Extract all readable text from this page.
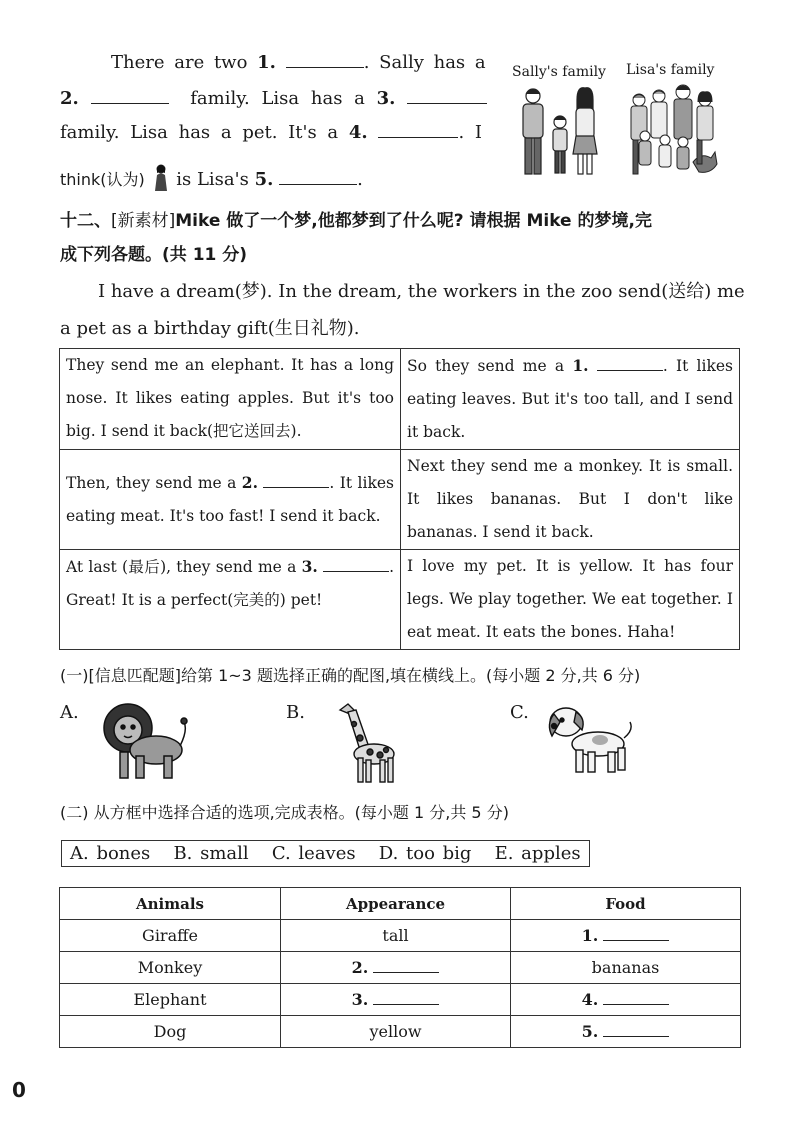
There are two 1.	. Sally has a
2.	family. Lisa has a 3.
family. Lisa has a pet. It's a 4.	. I
think(认为) is Lisa's 5.	.
Sally's family Lisa's family
十二、[新素材]Mike 做了一个梦,他都梦到了什么呢? 请根据 Mike 的梦境,完
成下列各题。(共 11 分)
I have a dream(梦). In the dream, the workers in the zoo send(送给) me
a pet as a birthday gift(生日礼物).
They send me an elephant. It has a long nose. It likes eating apples. But it's too big. I send it back(把它送回去).	So they send me a 1. . It likes eating leaves. But it's too tall, and I send it back.
Then, they send me a 2. . It likes eating meat. It's too fast! I send it back.	Next they send me a monkey. It is small. It likes bananas. But I don't like bananas. I send it back.
At last (最后), they send me a 3. . Great! It is a perfect(完美的) pet!	I love my pet. It is yellow. It has four legs. We play together. We eat together. I eat meat. It eats the bones. Haha!
(一)[信息匹配题]给第 1~3 题选择正确的配图,填在横线上。(每小题 2 分,共 6 分)
A.	B.	C.
(二) 从方框中选择合适的选项,完成表格。(每小题 1 分,共 5 分)
A. bones   B. small   C. leaves   D. too big   E. apples
Animals	Appearance	Food
Giraffe	tall	1.
Monkey	2.	bananas
Elephant	3.	4.
Dog	yellow	5.
0
